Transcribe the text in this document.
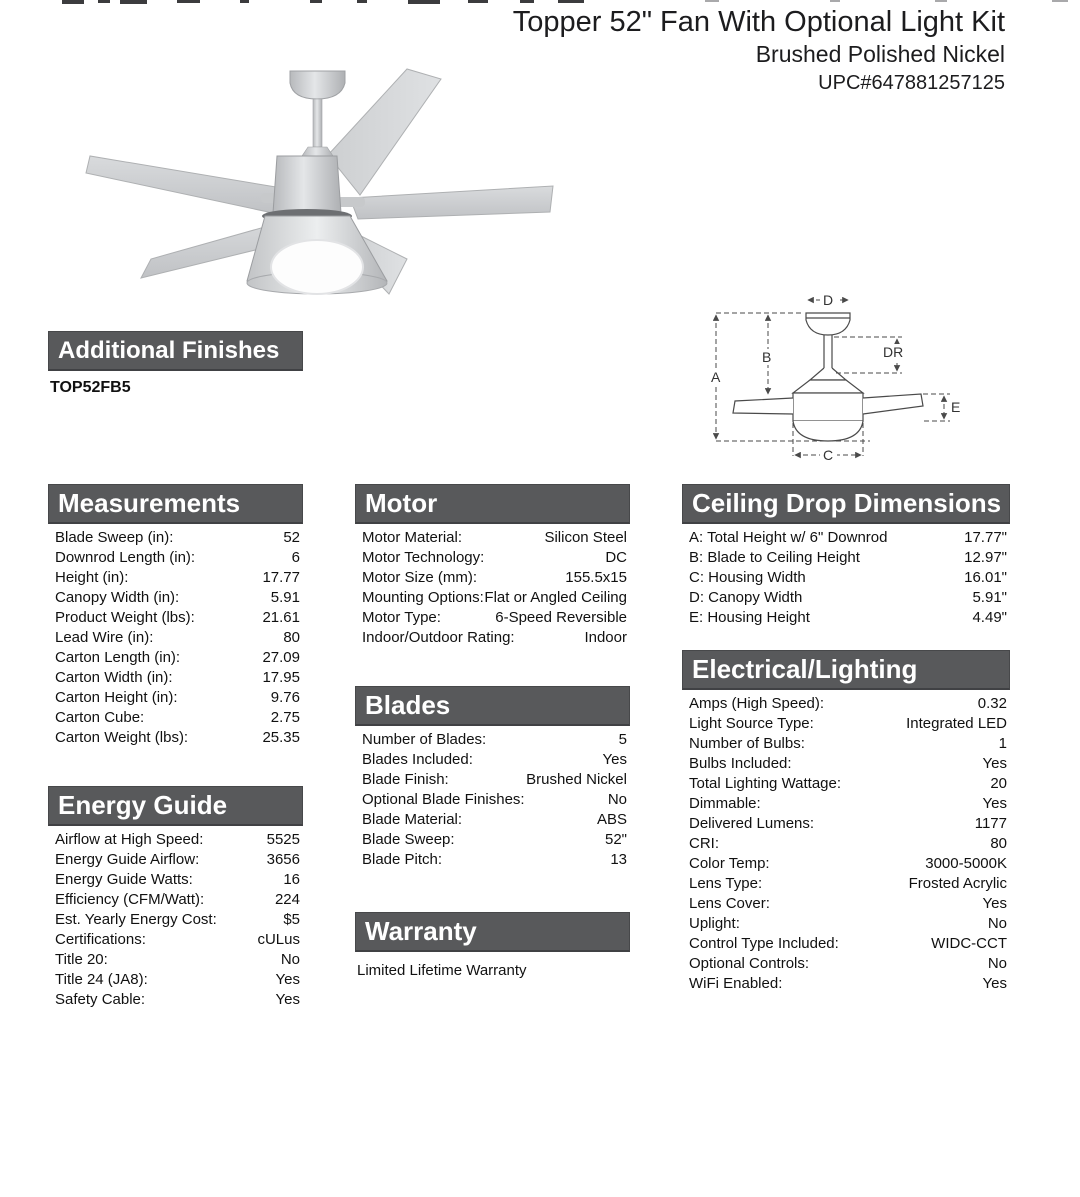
Topper 52" Fan With Optional Light Kit
Brushed Polished Nickel
UPC#647881257125
D
A
B	DR
C
E
Additional Finishes
TOP52FB5
Measurements
Blade Sweep (in):	52
Downrod Length (in):	6
Height (in):	17.77
Canopy Width (in):	5.91
Product Weight (lbs):	21.61
Lead Wire (in):	80
Carton Length (in):	27.09
Carton Width (in):	17.95
Carton Height (in):	9.76
Carton Cube:	2.75
Carton Weight (lbs):	25.35
Energy Guide
Airflow at High Speed:	5525
Energy Guide Airflow:	3656
Energy Guide Watts:	16
Efficiency (CFM/Watt):	224
Est. Yearly Energy Cost:	$5
Certifications:	cULus
Title 20:	No
Title 24 (JA8):	Yes
Safety Cable:	Yes
Motor
Motor Material:	Silicon Steel
Motor Technology:	DC
Motor Size (mm):	155.5x15
Mounting Options: Flat or Angled Ceiling
Motor Type:	6-Speed Reversible
Indoor/Outdoor Rating:	Indoor
Blades
Number of Blades:	5
Blades Included:	Yes
Blade Finish:	Brushed Nickel
Optional Blade Finishes:	No
Blade Material:	ABS
Blade Sweep:	52"
Blade Pitch:	13
Warranty
Limited Lifetime Warranty
Ceiling Drop Dimensions
A: Total Height w/ 6" Downrod	17.77"
B: Blade to Ceiling Height	12.97"
C: Housing Width	16.01"
D: Canopy Width	5.91"
E: Housing Height	4.49"
Electrical/Lighting
Amps (High Speed):	0.32
Light Source Type:	Integrated LED
Number of Bulbs:	1
Bulbs Included:	Yes
Total Lighting Wattage:	20
Dimmable:	Yes
Delivered Lumens:	1177
CRI:	80
Color Temp:	3000-5000K
Lens Type:	Frosted Acrylic
Lens Cover:	Yes
Uplight:	No
Control Type Included:	WIDC-CCT
Optional Controls:	No
WiFi Enabled:	Yes
